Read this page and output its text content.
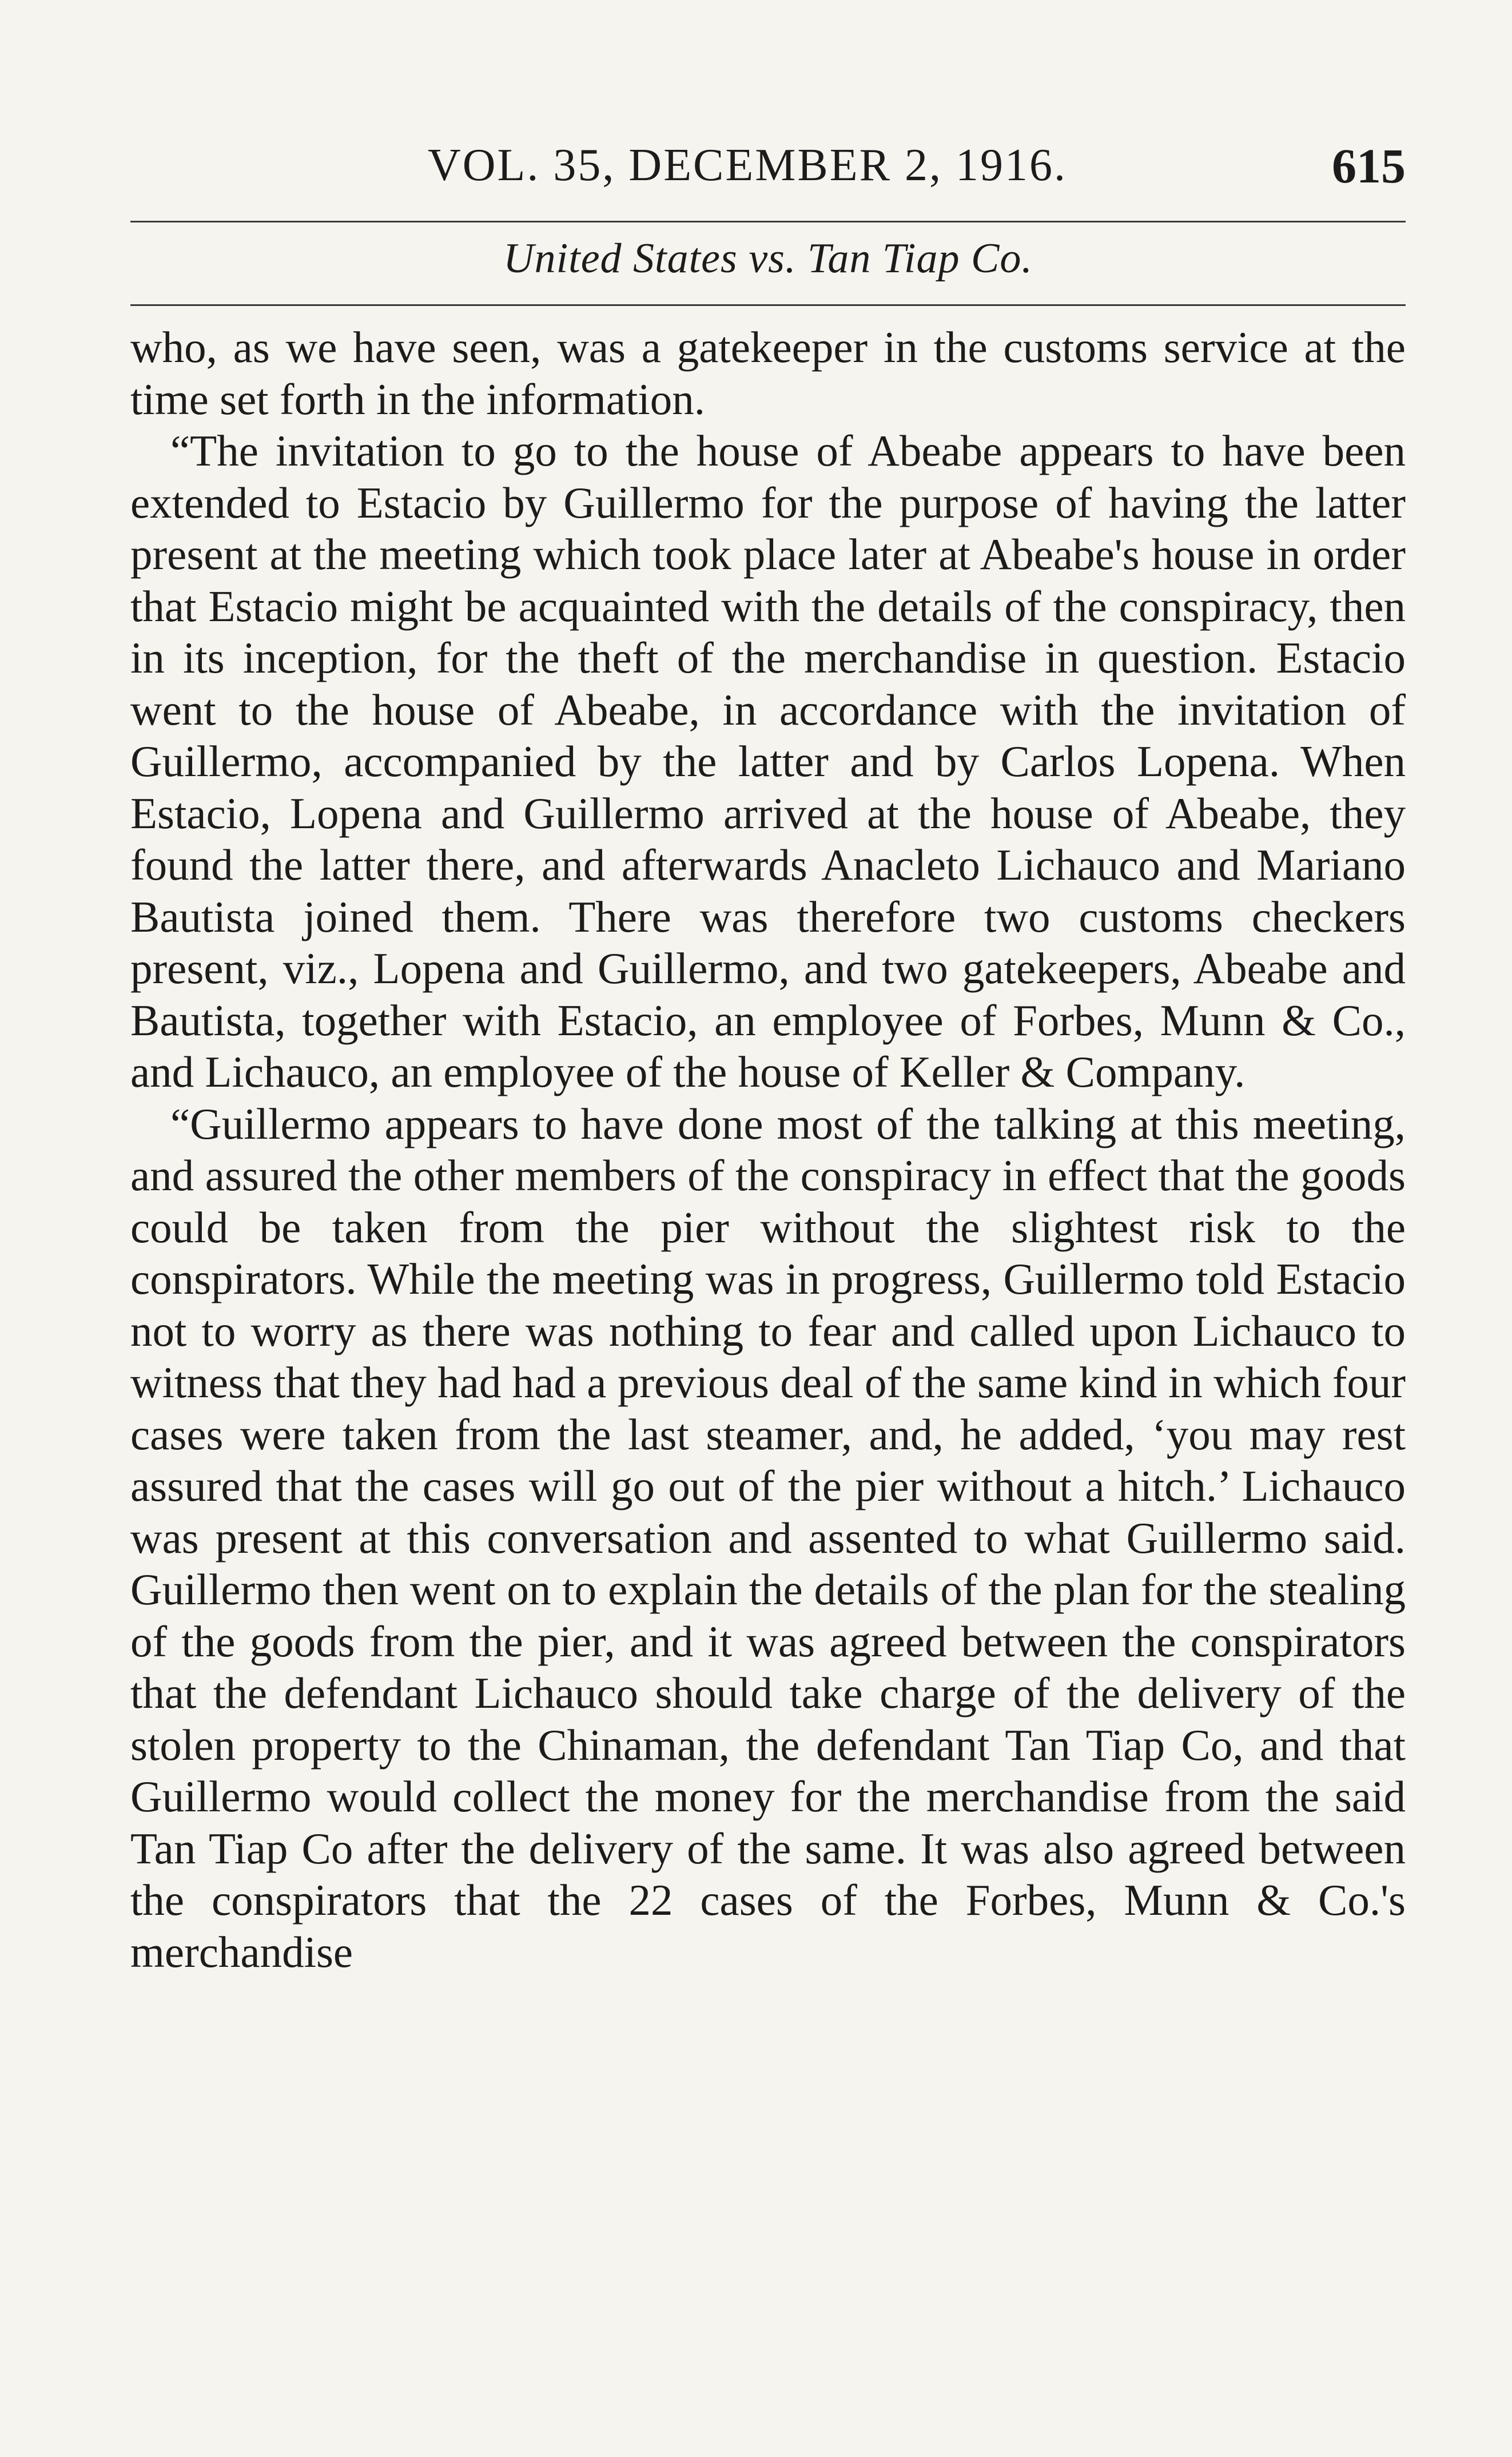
VOL. 35, DECEMBER 2, 1916.	615
United States vs. Tan Tiap Co.

who, as we have seen, was a gatekeeper in the customs service at the time set forth in the information.

“The invitation to go to the house of Abeabe appears to have been extended to Estacio by Guillermo for the purpose of having the latter present at the meeting which took place later at Abeabe's house in order that Estacio might be acquainted with the details of the conspiracy, then in its inception, for the theft of the merchandise in question. Estacio went to the house of Abeabe, in accordance with the invitation of Guillermo, accompanied by the latter and by Carlos Lopena. When Estacio, Lopena and Guillermo arrived at the house of Abeabe, they found the latter there, and afterwards Anacleto Lichauco and Mariano Bautista joined them. There was therefore two customs checkers present, viz., Lopena and Guillermo, and two gatekeepers, Abeabe and Bautista, together with Estacio, an employee of Forbes, Munn & Co., and Lichauco, an employee of the house of Keller & Company.

“Guillermo appears to have done most of the talking at this meeting, and assured the other members of the conspiracy in effect that the goods could be taken from the pier without the slightest risk to the conspirators. While the meeting was in progress, Guillermo told Estacio not to worry as there was nothing to fear and called upon Lichauco to witness that they had had a previous deal of the same kind in which four cases were taken from the last steamer, and, he added, ‘you may rest assured that the cases will go out of the pier without a hitch.’ Lichauco was present at this conversation and assented to what Guillermo said. Guillermo then went on to explain the details of the plan for the stealing of the goods from the pier, and it was agreed between the conspirators that the defendant Lichauco should take charge of the delivery of the stolen property to the Chinaman, the defendant Tan Tiap Co, and that Guillermo would collect the money for the merchandise from the said Tan Tiap Co after the delivery of the same. It was also agreed between the conspirators that the 22 cases of the Forbes, Munn & Co.'s merchandise
